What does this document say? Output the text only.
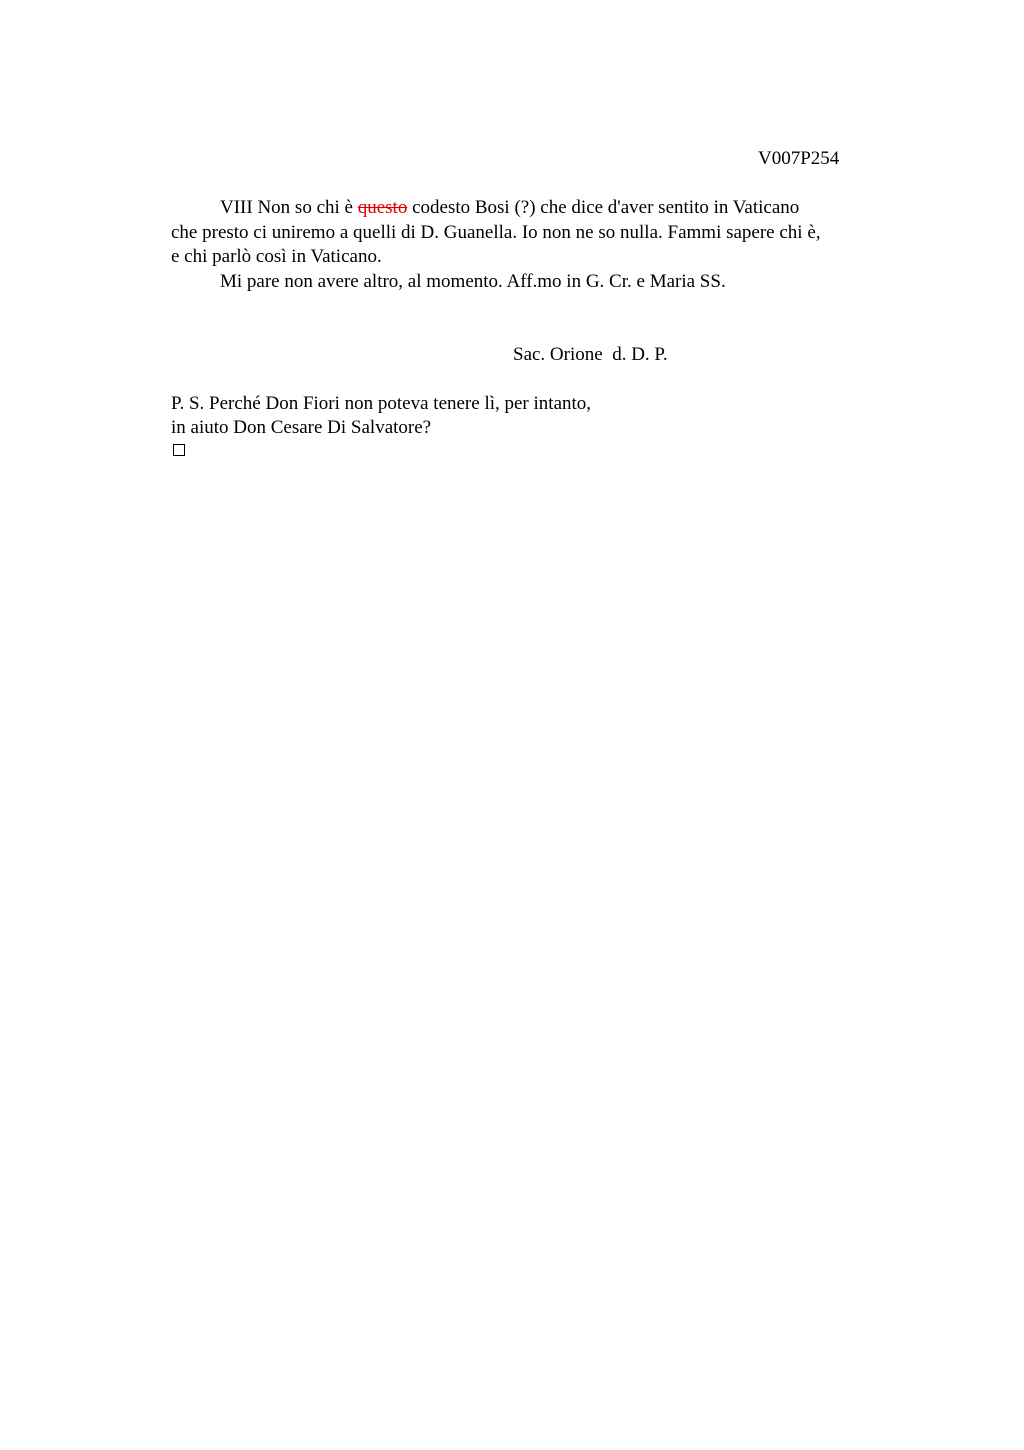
V007P254

VIII Non so chi è questo codesto Bosi (?) che dice d'aver sentito in Vaticano
che presto ci uniremo a quelli di D. Guanella. Io non ne so nulla. Fammi sapere chi è,
e chi parlò così in Vaticano.

Mi pare non avere altro, al momento. Aff.mo in G. Cr. e Maria SS.

Sac. Orione  d. D. P.
P. S. Perché Don Fiori non poteva tenere lì, per intanto,
in aiuto Don Cesare Di Salvatore?
